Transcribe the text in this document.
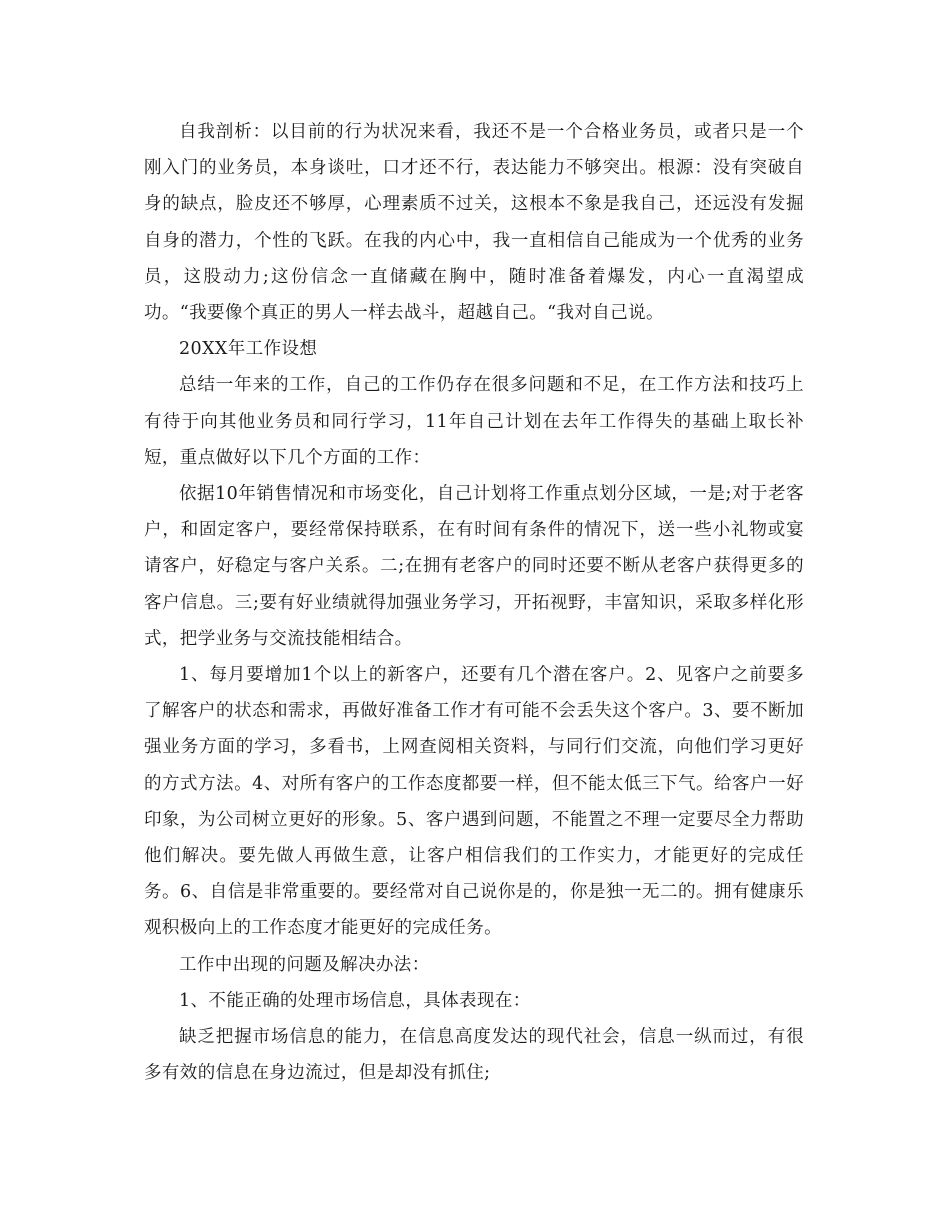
自我剖析：以目前的行为状况来看，我还不是一个合格业务员，或者只是一个刚入门的业务员，本身谈吐，口才还不行，表达能力不够突出。根源：没有突破自身的缺点，脸皮还不够厚，心理素质不过关，这根本不象是我自己，还远没有发掘自身的潜力，个性的飞跃。在我的内心中，我一直相信自己能成为一个优秀的业务员，这股动力;这份信念一直储藏在胸中，随时准备着爆发，内心一直渴望成功。“我要像个真正的男人一样去战斗，超越自己。“我对自己说。

20XX年工作设想

总结一年来的工作，自己的工作仍存在很多问题和不足，在工作方法和技巧上有待于向其他业务员和同行学习，11年自己计划在去年工作得失的基础上取长补短，重点做好以下几个方面的工作：

依据10年销售情况和市场变化，自己计划将工作重点划分区域，一是;对于老客户，和固定客户，要经常保持联系，在有时间有条件的情况下，送一些小礼物或宴请客户，好稳定与客户关系。二;在拥有老客户的同时还要不断从老客户获得更多的客户信息。三;要有好业绩就得加强业务学习，开拓视野，丰富知识，采取多样化形式，把学业务与交流技能相结合。

1、每月要增加1个以上的新客户，还要有几个潜在客户。2、见客户之前要多了解客户的状态和需求，再做好准备工作才有可能不会丢失这个客户。3、要不断加强业务方面的学习，多看书，上网查阅相关资料，与同行们交流，向他们学习更好的方式方法。4、对所有客户的工作态度都要一样，但不能太低三下气。给客户一好印象，为公司树立更好的形象。5、客户遇到问题，不能置之不理一定要尽全力帮助他们解决。要先做人再做生意，让客户相信我们的工作实力，才能更好的完成任务。6、自信是非常重要的。要经常对自己说你是的，你是独一无二的。拥有健康乐观积极向上的工作态度才能更好的完成任务。

工作中出现的问题及解决办法：

1、不能正确的处理市场信息，具体表现在：

缺乏把握市场信息的能力，在信息高度发达的现代社会，信息一纵而过，有很多有效的信息在身边流过，但是却没有抓住;
